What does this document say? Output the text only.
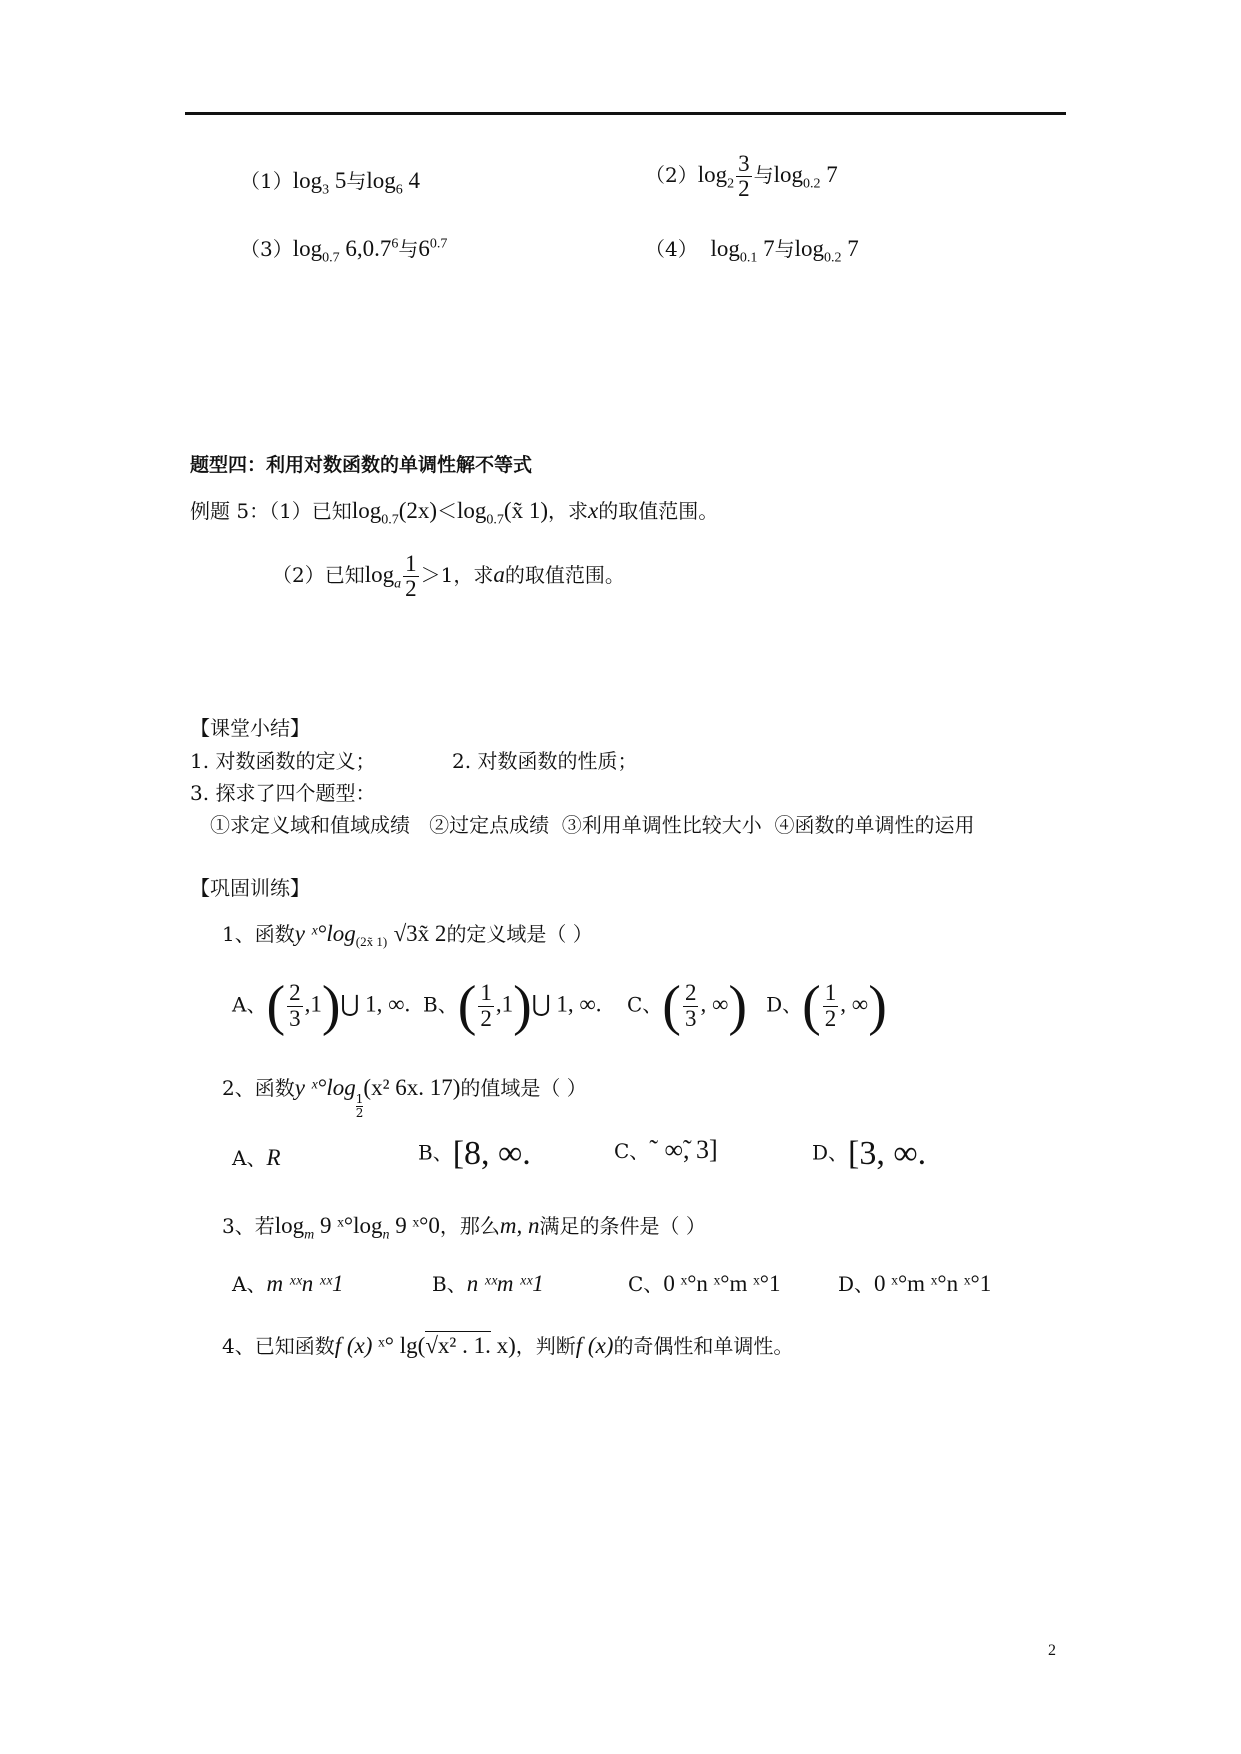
$(1)\log_3$ 5与$\log_6 4$	$(2)\log_2 \frac{3}{2}$ 与$\log_{0.2} 7$
$(3)\log_{0.7}$ 6,0.7$^6$与$6^{0.7}$	（4） $\log_{0.1} 7$与$\log_{0.2} 7$
题型四：利用对数函数的单调性解不等式
例题 5：（1）已知$\log_{0.7}(2x)<\log_{0.7}(x̃$ 1)，求x的取值范围。
（2）已知$\log_a \frac{1}{2} >1$，求a的取值范围。
【课堂小结】
1. 对数函数的定义；	2. 对数函数的性质；
3. 探求了四个题型：
①求定义域和值域成绩   ②过定点成绩  ③利用单调性比较大小  ④函数的单调性的运用
【巩固训练】
1、函数y $ˣ^\circ\log_{(2x̃ 1)}$ √3x̃ 2的定义域是（ ）
A、( $\frac{2}{3}$ ,1)⋃ 1, ∞. B、( $\frac{1}{2}$ ,1)⋃ 1, ∞. C、( $\frac{2}{3}$ , ∞) D、( $\frac{1}{2}$ , ∞)
2、函数y ˣ°log
$\frac{1}{2}$
(x² 6x. 17)的值域是（ ）
A、R	B、[8, ∞.	C、˜ ∞̃, 3]	D、[3, ∞.
3、若$\log_m 9$ $ˣ^\circ\log_n$ 9 ˣ°0，那么m, n满足的条件是（ ）
A、m ˣˣn ˣˣ1	B、n ˣˣm ˣˣ1	C、0 ˣ°n ˣ°m ˣ°1	D、0 ˣ°m ˣ°n ˣ°1
4、已知函数f (x) ˣ° lg(√x² . 1. x)，判断f (x)的奇偶性和单调性。
2
